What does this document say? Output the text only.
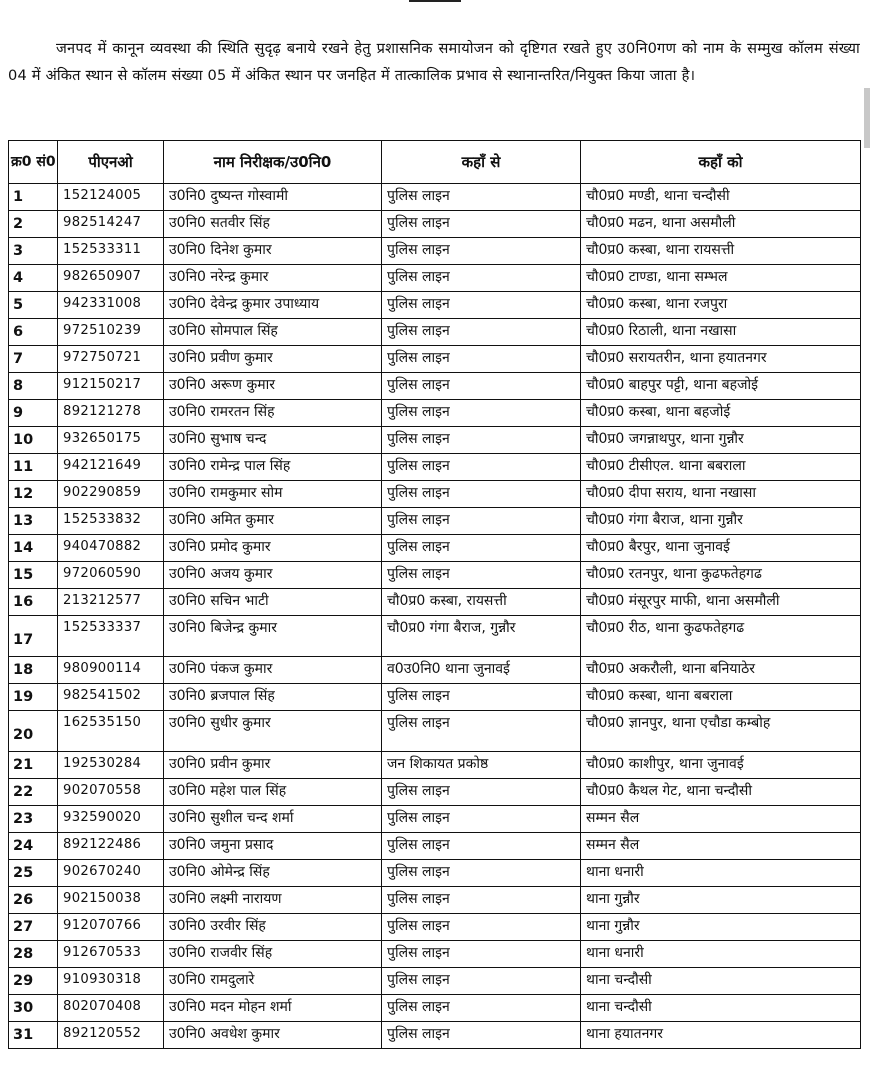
जनपद में कानून व्यवस्था की स्थिति सुदृढ़ बनाये रखने हेतु प्रशासनिक समायोजन को दृष्टिगत रखते हुए उ0नि0गण को नाम के सम्मुख कॉलम संख्या 04 में अंकित स्थान से कॉलम संख्या 05 में अंकित स्थान पर जनहित में तात्कालिक प्रभाव से स्थानान्तरित/नियुक्त किया जाता है।

क्र0 सं0	पीएनओ	नाम निरीक्षक/उ0नि0	कहाँ से	कहाँ को
1	152124005	उ0नि0 दुष्यन्त गोस्वामी	पुलिस लाइन	चौ0प्र0 मण्डी, थाना चन्दौसी
2	982514247	उ0नि0 सतवीर सिंह	पुलिस लाइन	चौ0प्र0 मढन, थाना असमौली
3	152533311	उ0नि0 दिनेश कुमार	पुलिस लाइन	चौ0प्र0 कस्बा, थाना रायसत्ती
4	982650907	उ0नि0 नरेन्द्र कुमार	पुलिस लाइन	चौ0प्र0 टाण्डा, थाना सम्भल
5	942331008	उ0नि0 देवेन्द्र कुमार उपाध्याय	पुलिस लाइन	चौ0प्र0 कस्बा, थाना रजपुरा
6	972510239	उ0नि0 सोमपाल सिंह	पुलिस लाइन	चौ0प्र0 रिठाली, थाना नखासा
7	972750721	उ0नि0 प्रवीण कुमार	पुलिस लाइन	चौ0प्र0 सरायतरीन, थाना हयातनगर
8	912150217	उ0नि0 अरूण कुमार	पुलिस लाइन	चौ0प्र0 बाहपुर पट्टी, थाना बहजोई
9	892121278	उ0नि0 रामरतन सिंह	पुलिस लाइन	चौ0प्र0 कस्बा, थाना बहजोई
10	932650175	उ0नि0 सुभाष चन्द	पुलिस लाइन	चौ0प्र0 जगन्नाथपुर, थाना गुन्नौर
11	942121649	उ0नि0 रामेन्द्र पाल सिंह	पुलिस लाइन	चौ0प्र0 टीसीएल. थाना बबराला
12	902290859	उ0नि0 रामकुमार सोम	पुलिस लाइन	चौ0प्र0 दीपा सराय, थाना नखासा
13	152533832	उ0नि0 अमित कुमार	पुलिस लाइन	चौ0प्र0 गंगा बैराज, थाना गुन्नौर
14	940470882	उ0नि0 प्रमोद कुमार	पुलिस लाइन	चौ0प्र0 बैरपुर, थाना जुनावई
15	972060590	उ0नि0 अजय कुमार	पुलिस लाइन	चौ0प्र0 रतनपुर, थाना कुढफतेहगढ
16	213212577	उ0नि0 सचिन भाटी	चौ0प्र0 कस्बा, रायसत्ती	चौ0प्र0 मंसूरपुर माफी, थाना असमौली
17	152533337	उ0नि0 बिजेन्द्र कुमार	चौ0प्र0 गंगा बैराज, गुन्नौर	चौ0प्र0 रीठ, थाना कुढफतेहगढ
18	980900114	उ0नि0 पंकज कुमार	व0उ0नि0 थाना जुनावई	चौ0प्र0 अकरौली, थाना बनियाठेर
19	982541502	उ0नि0 ब्रजपाल सिंह	पुलिस लाइन	चौ0प्र0 कस्बा, थाना बबराला
20	162535150	उ0नि0 सुधीर कुमार	पुलिस लाइन	चौ0प्र0 ज्ञानपुर, थाना एचौडा कम्बोह
21	192530284	उ0नि0 प्रवीन कुमार	जन शिकायत प्रकोष्ठ	चौ0प्र0 काशीपुर, थाना जुनावई
22	902070558	उ0नि0 महेश पाल सिंह	पुलिस लाइन	चौ0प्र0 कैथल गेट, थाना चन्दौसी
23	932590020	उ0नि0 सुशील चन्द शर्मा	पुलिस लाइन	सम्मन सैल
24	892122486	उ0नि0 जमुना प्रसाद	पुलिस लाइन	सम्मन सैल
25	902670240	उ0नि0 ओमेन्द्र सिंह	पुलिस लाइन	थाना धनारी
26	902150038	उ0नि0 लक्ष्मी नारायण	पुलिस लाइन	थाना गुन्नौर
27	912070766	उ0नि0 उरवीर सिंह	पुलिस लाइन	थाना गुन्नौर
28	912670533	उ0नि0 राजवीर सिंह	पुलिस लाइन	थाना धनारी
29	910930318	उ0नि0 रामदुलारे	पुलिस लाइन	थाना चन्दौसी
30	802070408	उ0नि0 मदन मोहन शर्मा	पुलिस लाइन	थाना चन्दौसी
31	892120552	उ0नि0 अवधेश कुमार	पुलिस लाइन	थाना हयातनगर
